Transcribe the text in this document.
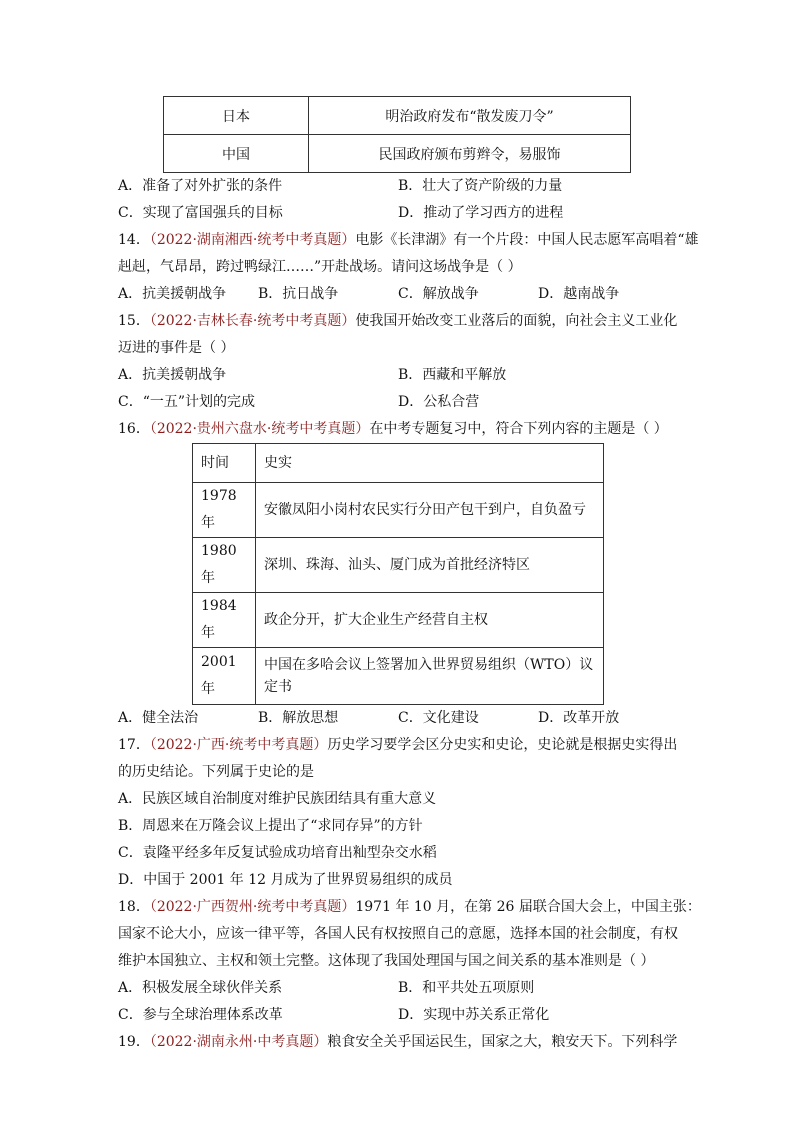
日本	明治政府发布“散发废刀令”
中国	民国政府颁布剪辫令，易服饰
A．准备了对外扩张的条件	B．壮大了资产阶级的力量
C．实现了富国强兵的目标	D．推动了学习西方的进程
14．（2022·湖南湘西·统考中考真题）电影《长津湖》有一个片段：中国人民志愿军高唱着“雄
赳赳，气昂昂，跨过鸭绿江……”开赴战场。请问这场战争是（ ）
A．抗美援朝战争	B．抗日战争	C．解放战争	D．越南战争
15．（2022·吉林长春·统考中考真题）使我国开始改变工业落后的面貌，向社会主义工业化
迈进的事件是（ ）
A．抗美援朝战争	B．西藏和平解放
C．“一五”计划的完成	D．公私合营
16．（2022·贵州六盘水·统考中考真题）在中考专题复习中，符合下列内容的主题是（ ）
时间	史实
1978年	安徽凤阳小岗村农民实行分田产包干到户，自负盈亏
1980年	深圳、珠海、汕头、厦门成为首批经济特区
1984年	政企分开，扩大企业生产经营自主权
2001年	中国在多哈会议上签署加入世界贸易组织（WTO）议定书
A．健全法治	B．解放思想	C．文化建设	D．改革开放
17．（2022·广西·统考中考真题）历史学习要学会区分史实和史论，史论就是根据史实得出
的历史结论。下列属于史论的是
A．民族区域自治制度对维护民族团结具有重大意义
B．周恩来在万隆会议上提出了“求同存异”的方针
C．袁隆平经多年反复试验成功培育出籼型杂交水稻
D．中国于 2001 年 12 月成为了世界贸易组织的成员
18．（2022·广西贺州·统考中考真题）1971 年 10 月，在第 26 届联合国大会上，中国主张：
国家不论大小，应该一律平等，各国人民有权按照自己的意愿，选择本国的社会制度，有权
维护本国独立、主权和领土完整。这体现了我国处理国与国之间关系的基本准则是（ ）
A．积极发展全球伙伴关系	B．和平共处五项原则
C．参与全球治理体系改革	D．实现中苏关系正常化
19．（2022·湖南永州·中考真题）粮食安全关乎国运民生，国家之大，粮安天下。下列科学
